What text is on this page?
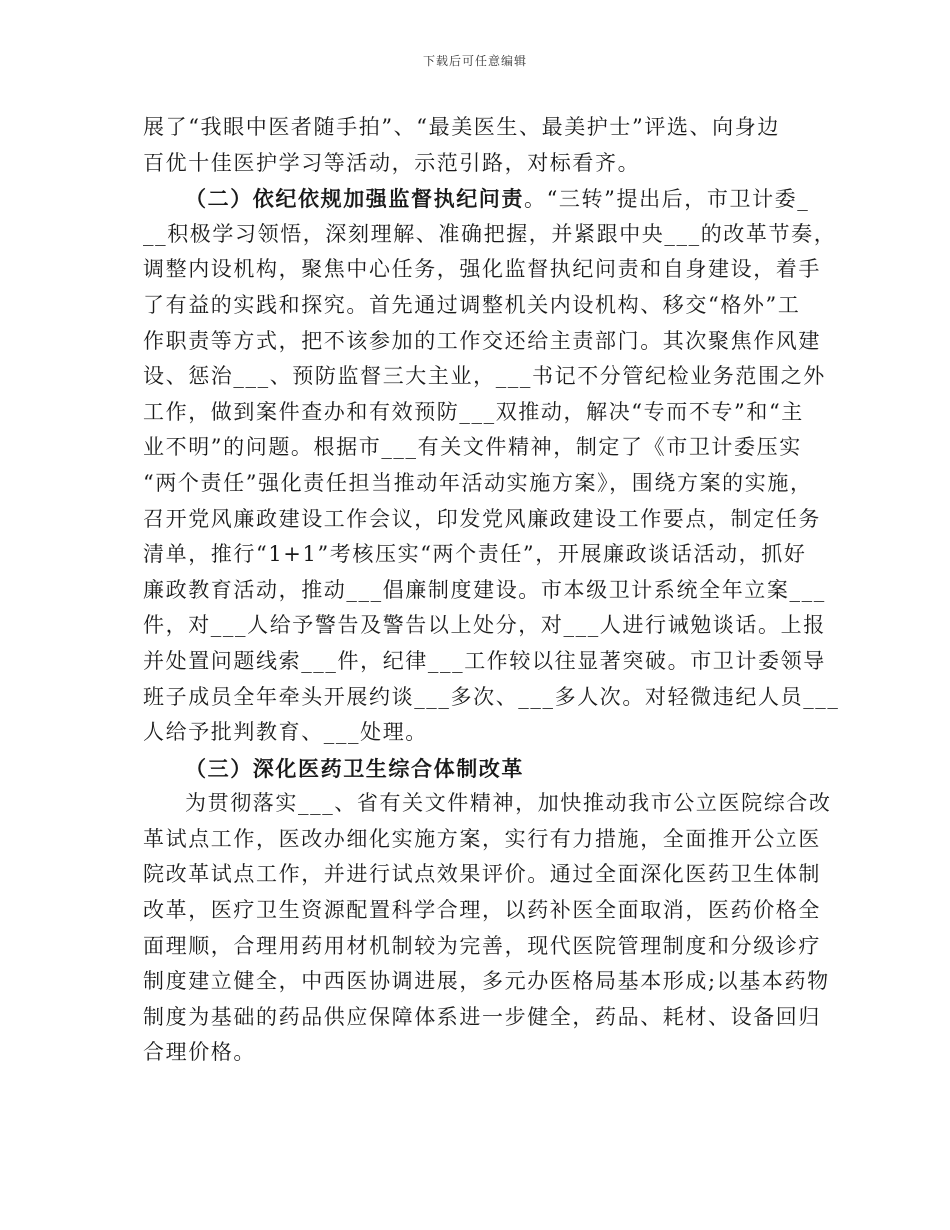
下载后可任意编辑
展了“我眼中医者随手拍”、“最美医生、最美护士”评选、向身边
百优十佳医护学习等活动，示范引路，对标看齐。
（二）依纪依规加强监督执纪问责。“三转”提出后，市卫计委_
__积极学习领悟，深刻理解、准确把握，并紧跟中央___的改革节奏，
调整内设机构，聚焦中心任务，强化监督执纪问责和自身建设，着手
了有益的实践和探究。首先通过调整机关内设机构、移交“格外”工
作职责等方式，把不该参加的工作交还给主责部门。其次聚焦作风建
设、惩治___、预防监督三大主业，___书记不分管纪检业务范围之外
工作，做到案件查办和有效预防___双推动，解决“专而不专”和“主
业不明”的问题。根据市___有关文件精神，制定了《市卫计委压实
“两个责任”强化责任担当推动年活动实施方案》，围绕方案的实施，
召开党风廉政建设工作会议，印发党风廉政建设工作要点，制定任务
清单，推行“1+1”考核压实“两个责任”，开展廉政谈话活动，抓好
廉政教育活动，推动___倡廉制度建设。市本级卫计系统全年立案___
件，对___人给予警告及警告以上处分，对___人进行诫勉谈话。上报
并处置问题线索___件，纪律___工作较以往显著突破。市卫计委领导
班子成员全年牵头开展约谈___多次、___多人次。对轻微违纪人员___
人给予批判教育、___处理。
（三）深化医药卫生综合体制改革
为贯彻落实___、省有关文件精神，加快推动我市公立医院综合改
革试点工作，医改办细化实施方案，实行有力措施，全面推开公立医
院改革试点工作，并进行试点效果评价。通过全面深化医药卫生体制
改革，医疗卫生资源配置科学合理，以药补医全面取消，医药价格全
面理顺，合理用药用材机制较为完善，现代医院管理制度和分级诊疗
制度建立健全，中西医协调进展，多元办医格局基本形成;以基本药物
制度为基础的药品供应保障体系进一步健全，药品、耗材、设备回归
合理价格。
